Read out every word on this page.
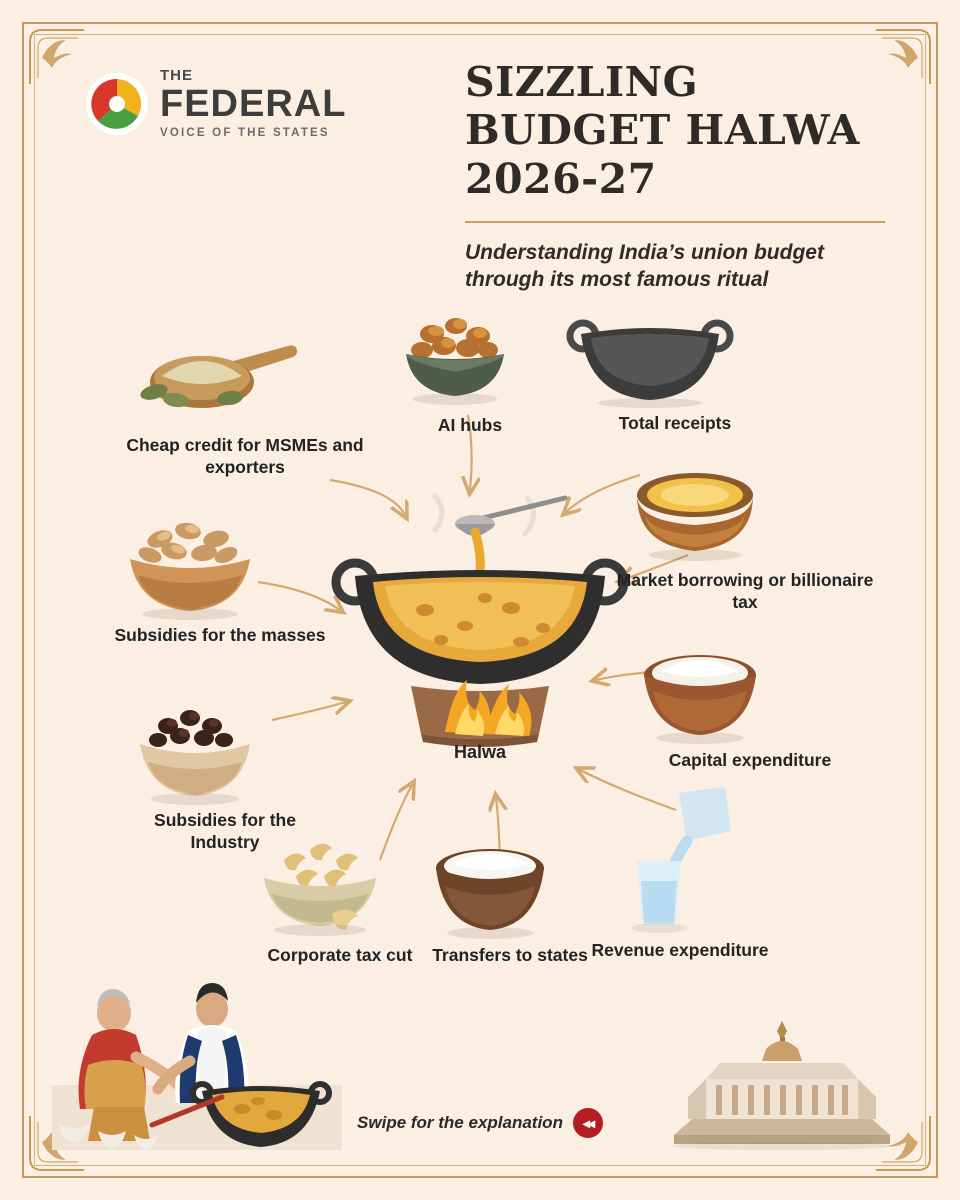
THE
FEDERAL
VOICE OF THE STATES
SIZZLING BUDGET HALWA 2026-27
Understanding India’s union budget through its most famous ritual
Halwa
Cheap credit for MSMEs and exporters
AI hubs	Total receipts
Market borrowing or billionaire tax
Capital expenditure
Revenue expenditure
Transfers to states
Corporate tax cut
Subsidies for the Industry
Subsidies for the masses
Swipe for the explanation	◂◂
